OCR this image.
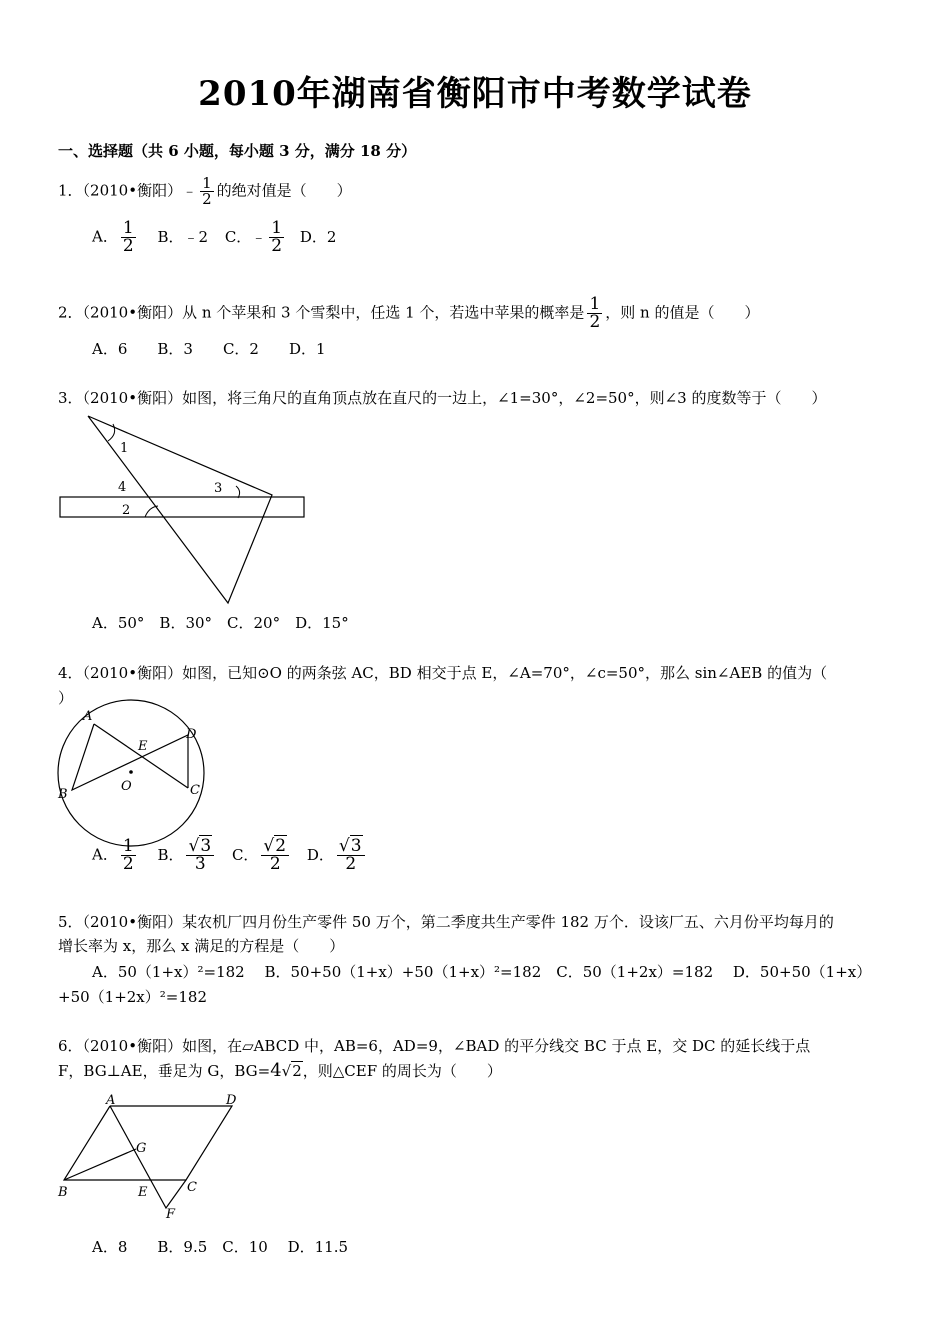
2010年湖南省衡阳市中考数学试卷
一、选择题（共 6 小题，每小题 3 分，满分 18 分）
1．（2010•衡阳）﹣ $\frac{1}{2}$ 的绝对值是（　　）
A． $\frac{1}{2}$ B．﹣2 C．﹣ $\frac{1}{2}$ D．2
2．（2010•衡阳）从 n 个苹果和 3 个雪梨中，任选 1 个，若选中苹果的概率是 $\frac{1}{2}$ ，则 n 的值是（　　）
A．6　　B．3　　C．2　　D．1
3．（2010•衡阳）如图，将三角尺的直角顶点放在直尺的一边上，∠1=30°，∠2=50°，则∠3 的度数等于（　　）
1
4	3
2
A
D
E
O
B	C
A	D
G
B	E	C
F
A．50°　B．30°　C．20°　D．15°
4．（2010•衡阳）如图，已知⊙O 的两条弦 AC，BD 相交于点 E，∠A=70°，∠c=50°，那么 sin∠AEB 的值为（
）
A． $\frac{1}{2}$ B． $\frac{√3}{3}$ C． $\frac{√2}{2}$ D． $\frac{√3}{2}$
5．（2010•衡阳）某农机厂四月份生产零件 50 万个，第二季度共生产零件 182 万个．设该厂五、六月份平均每月的
增长率为 x，那么 x 满足的方程是（　　）
A．50（1+x）²=182　 B．50+50（1+x）+50（1+x）²=182　C．50（1+2x）=182　 D．50+50（1+x）
+50（1+2x）²=182
6．（2010•衡阳）如图，在▱ABCD 中，AB=6，AD=9，∠BAD 的平分线交 BC 于点 E，交 DC 的延长线于点
F，BG⊥AE，垂足为 G，BG=4√2，则△CEF 的周长为（　　）
A．8　　B．9.5　C．10　 D．11.5
